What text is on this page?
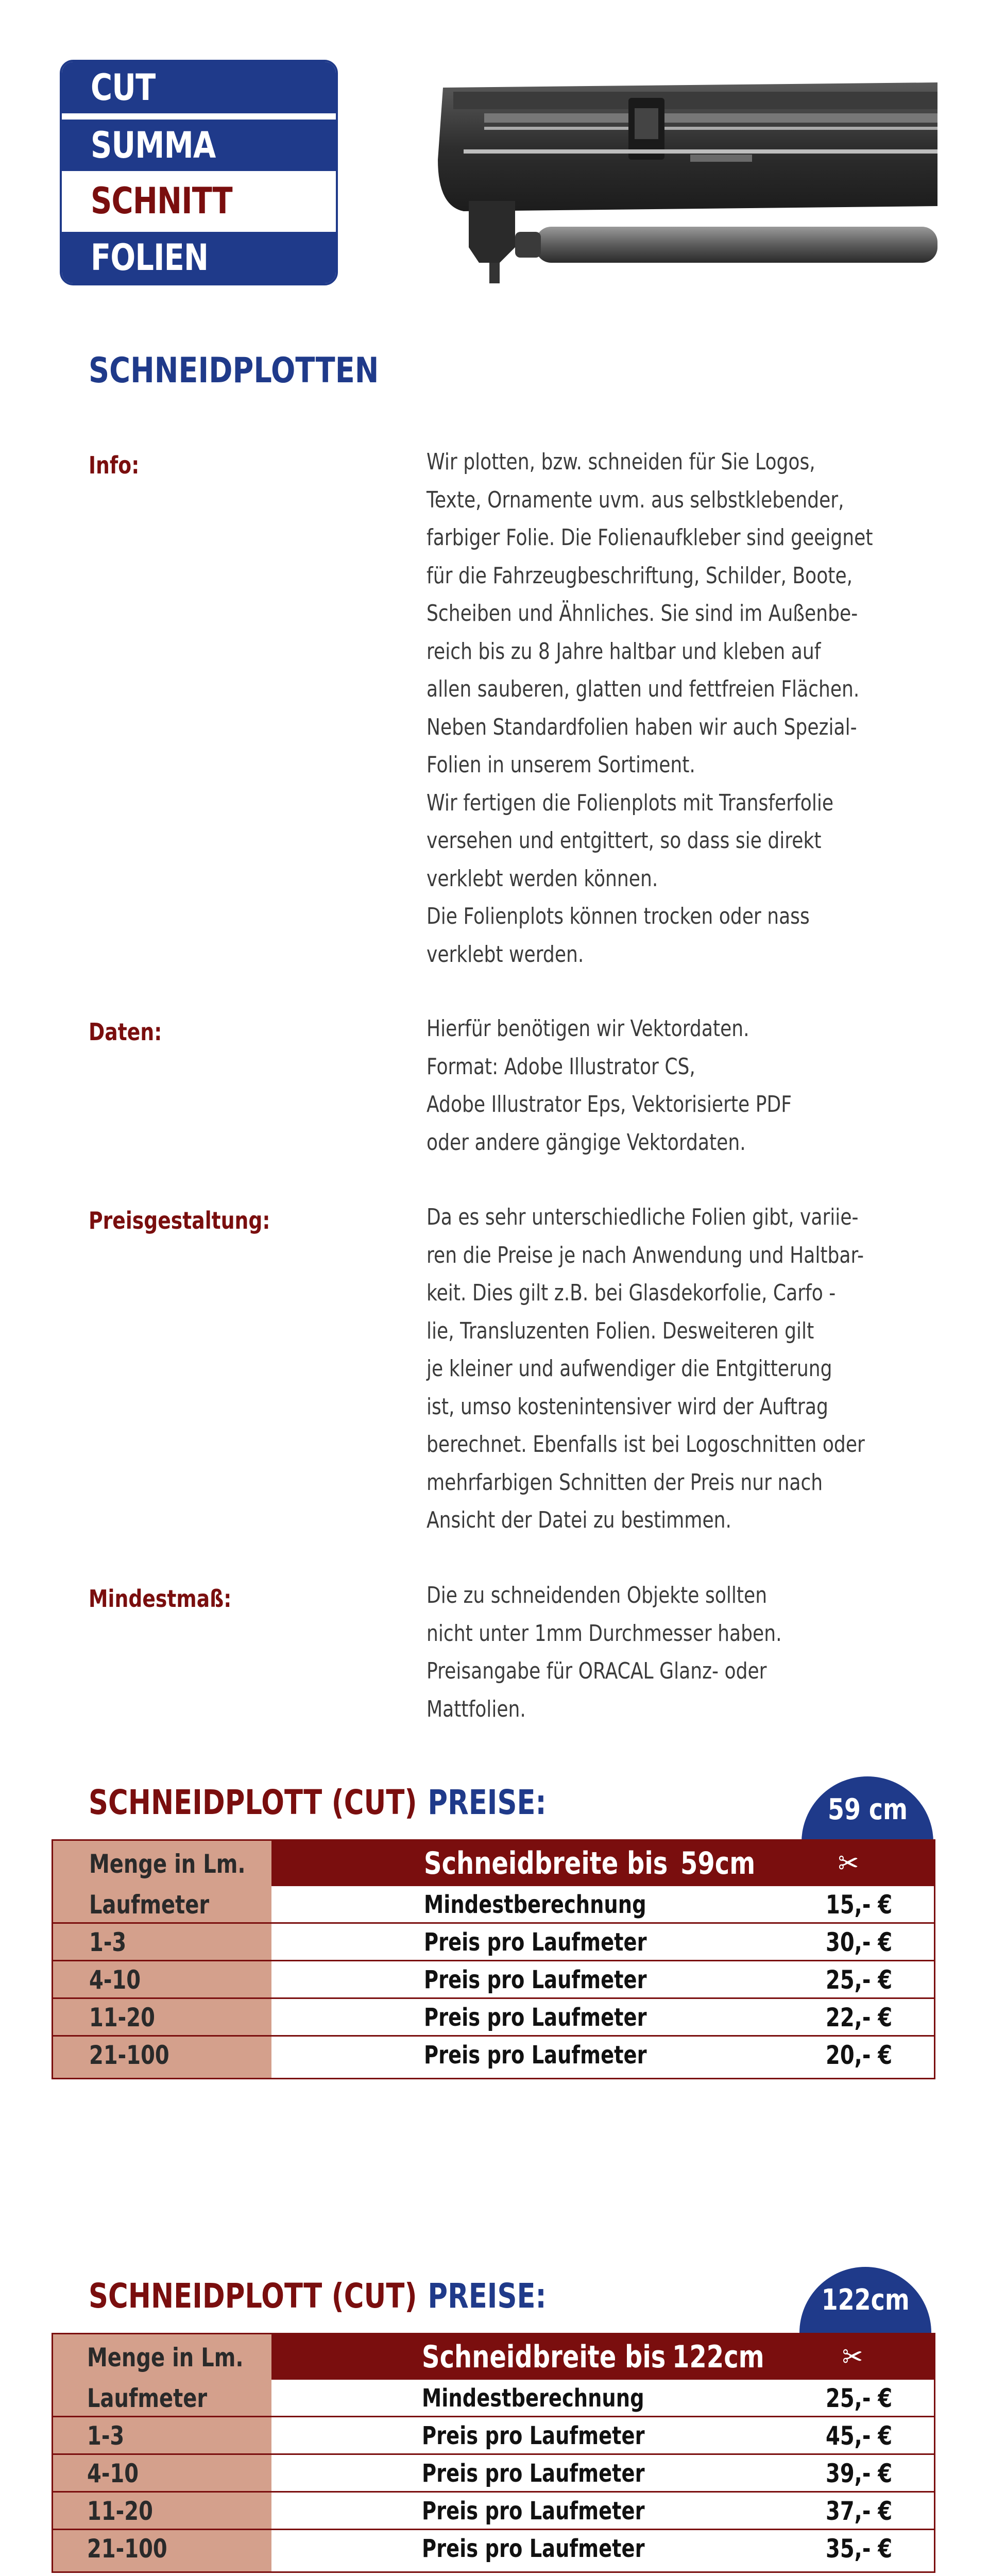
CUT
SUMMA
SCHNITT
FOLIEN
SCHNEIDPLOTTEN
Info:	Wir plotten, bzw. schneiden für Sie Logos,
Texte, Ornamente uvm. aus selbstklebender,
farbiger Folie. Die Folienaufkleber sind geeignet
für die Fahrzeugbeschriftung, Schilder, Boote,
Scheiben und Ähnliches. Sie sind im Außenbe-
reich bis zu 8 Jahre haltbar und kleben auf
allen sauberen, glatten und fettfreien Flächen.
Neben Standardfolien haben wir auch Spezial-
Folien in unserem Sortiment.
Wir fertigen die Folienplots mit Transferfolie
versehen und entgittert, so dass sie direkt
verklebt werden können.
Die Folienplots können trocken oder nass
verklebt werden.
Daten:	Hierfür benötigen wir Vektordaten.
Format: Adobe Illustrator CS,
Adobe Illustrator Eps, Vektorisierte PDF
oder andere gängige Vektordaten.
Preisgestaltung:	Da es sehr unterschiedliche Folien gibt, variie-
ren die Preise je nach Anwendung und Haltbar-
keit. Dies gilt z.B. bei Glasdekorfolie, Carfo -
lie, Transluzenten Folien. Desweiteren gilt
je kleiner und aufwendiger die Entgitterung
ist, umso kostenintensiver wird der Auftrag
berechnet. Ebenfalls ist bei Logoschnitten oder
mehrfarbigen Schnitten der Preis nur nach
Ansicht der Datei zu bestimmen.
Mindestmaß:	Die zu schneidenden Objekte sollten
nicht unter 1mm Durchmesser haben.
Preisangabe für ORACAL Glanz- oder
Mattfolien.
SCHNEIDPLOTT (CUT) PREISE:	59 cm
Menge in Lm.	Schneidbreite bis 59cm	✂
Laufmeter	Mindestberechnung	15,- €
1-3	Preis pro Laufmeter	30,- €
4-10	Preis pro Laufmeter	25,- €
11-20	Preis pro Laufmeter	22,- €
21-100	Preis pro Laufmeter	20,- €
SCHNEIDPLOTT (CUT) PREISE:	122cm
Menge in Lm.	Schneidbreite bis 122cm	✂
Laufmeter	Mindestberechnung	25,- €
1-3	Preis pro Laufmeter	45,- €
4-10	Preis pro Laufmeter	39,- €
11-20	Preis pro Laufmeter	37,- €
21-100	Preis pro Laufmeter	35,- €
